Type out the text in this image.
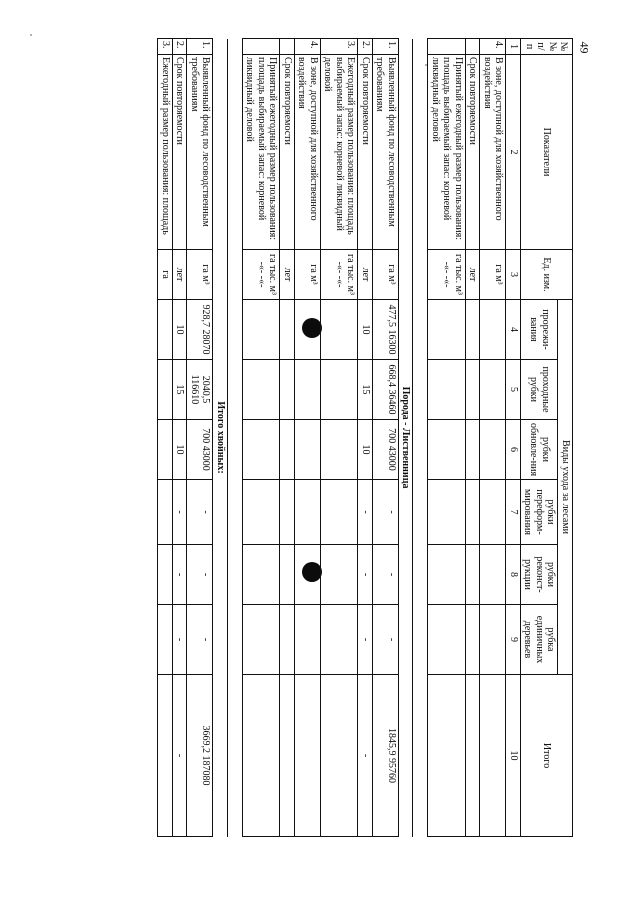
49
№№ п/п	Показатели	Ед. изм.	Виды ухода за лесами						Итого
			прорежи-вания	проходные рубки	рубки обновле-ния	рубки переформ-мирования	рубки реконст-рукции	рубка единичных деревьев	
1	2	3	4	5	6	7	8	9	10
4.	В зоне, доступной для хозяйственного воздействия	га м³							
	Срок повторяемости	лет							
	Принятый ежегодный размер пользования: площадь выбираемый запас: корневой ликвидный деловой	га тыс. м³ -«- -«-							

Порода - Лиственница									
1.	Выявленный фонд по лесоводственным требованиям	га м³	477,5 16300	668,4 36460	700 43000	-	-	-	1845,9 95760
2.	Срок повторяемости	лет	10	15	10	-	-	-	-
3.	Ежегодный размер пользования: площадь выбираемый запас: корневой ликвидный деловой	га тыс. м³ -«- -«-							
4.	В зоне, доступной для хозяйственного воздействия	га м³							
	Срок повторяемости	лет							
	Принятый ежегодный размер пользования: площадь выбираемый запас: корневой ликвидный деловой	га тыс. м³ -«- -«-							

Итого хвойных:									
1.	Выявленный фонд по лесоводственным требованиям	га м³	928,7 28070	2040,5 116610	700 43000	-	-	-	3669,2 187080
2.	Срок повторяемости	лет	10	15	10	-	-	-	-
3.	Ежегодный размер пользования: площадь	га							
